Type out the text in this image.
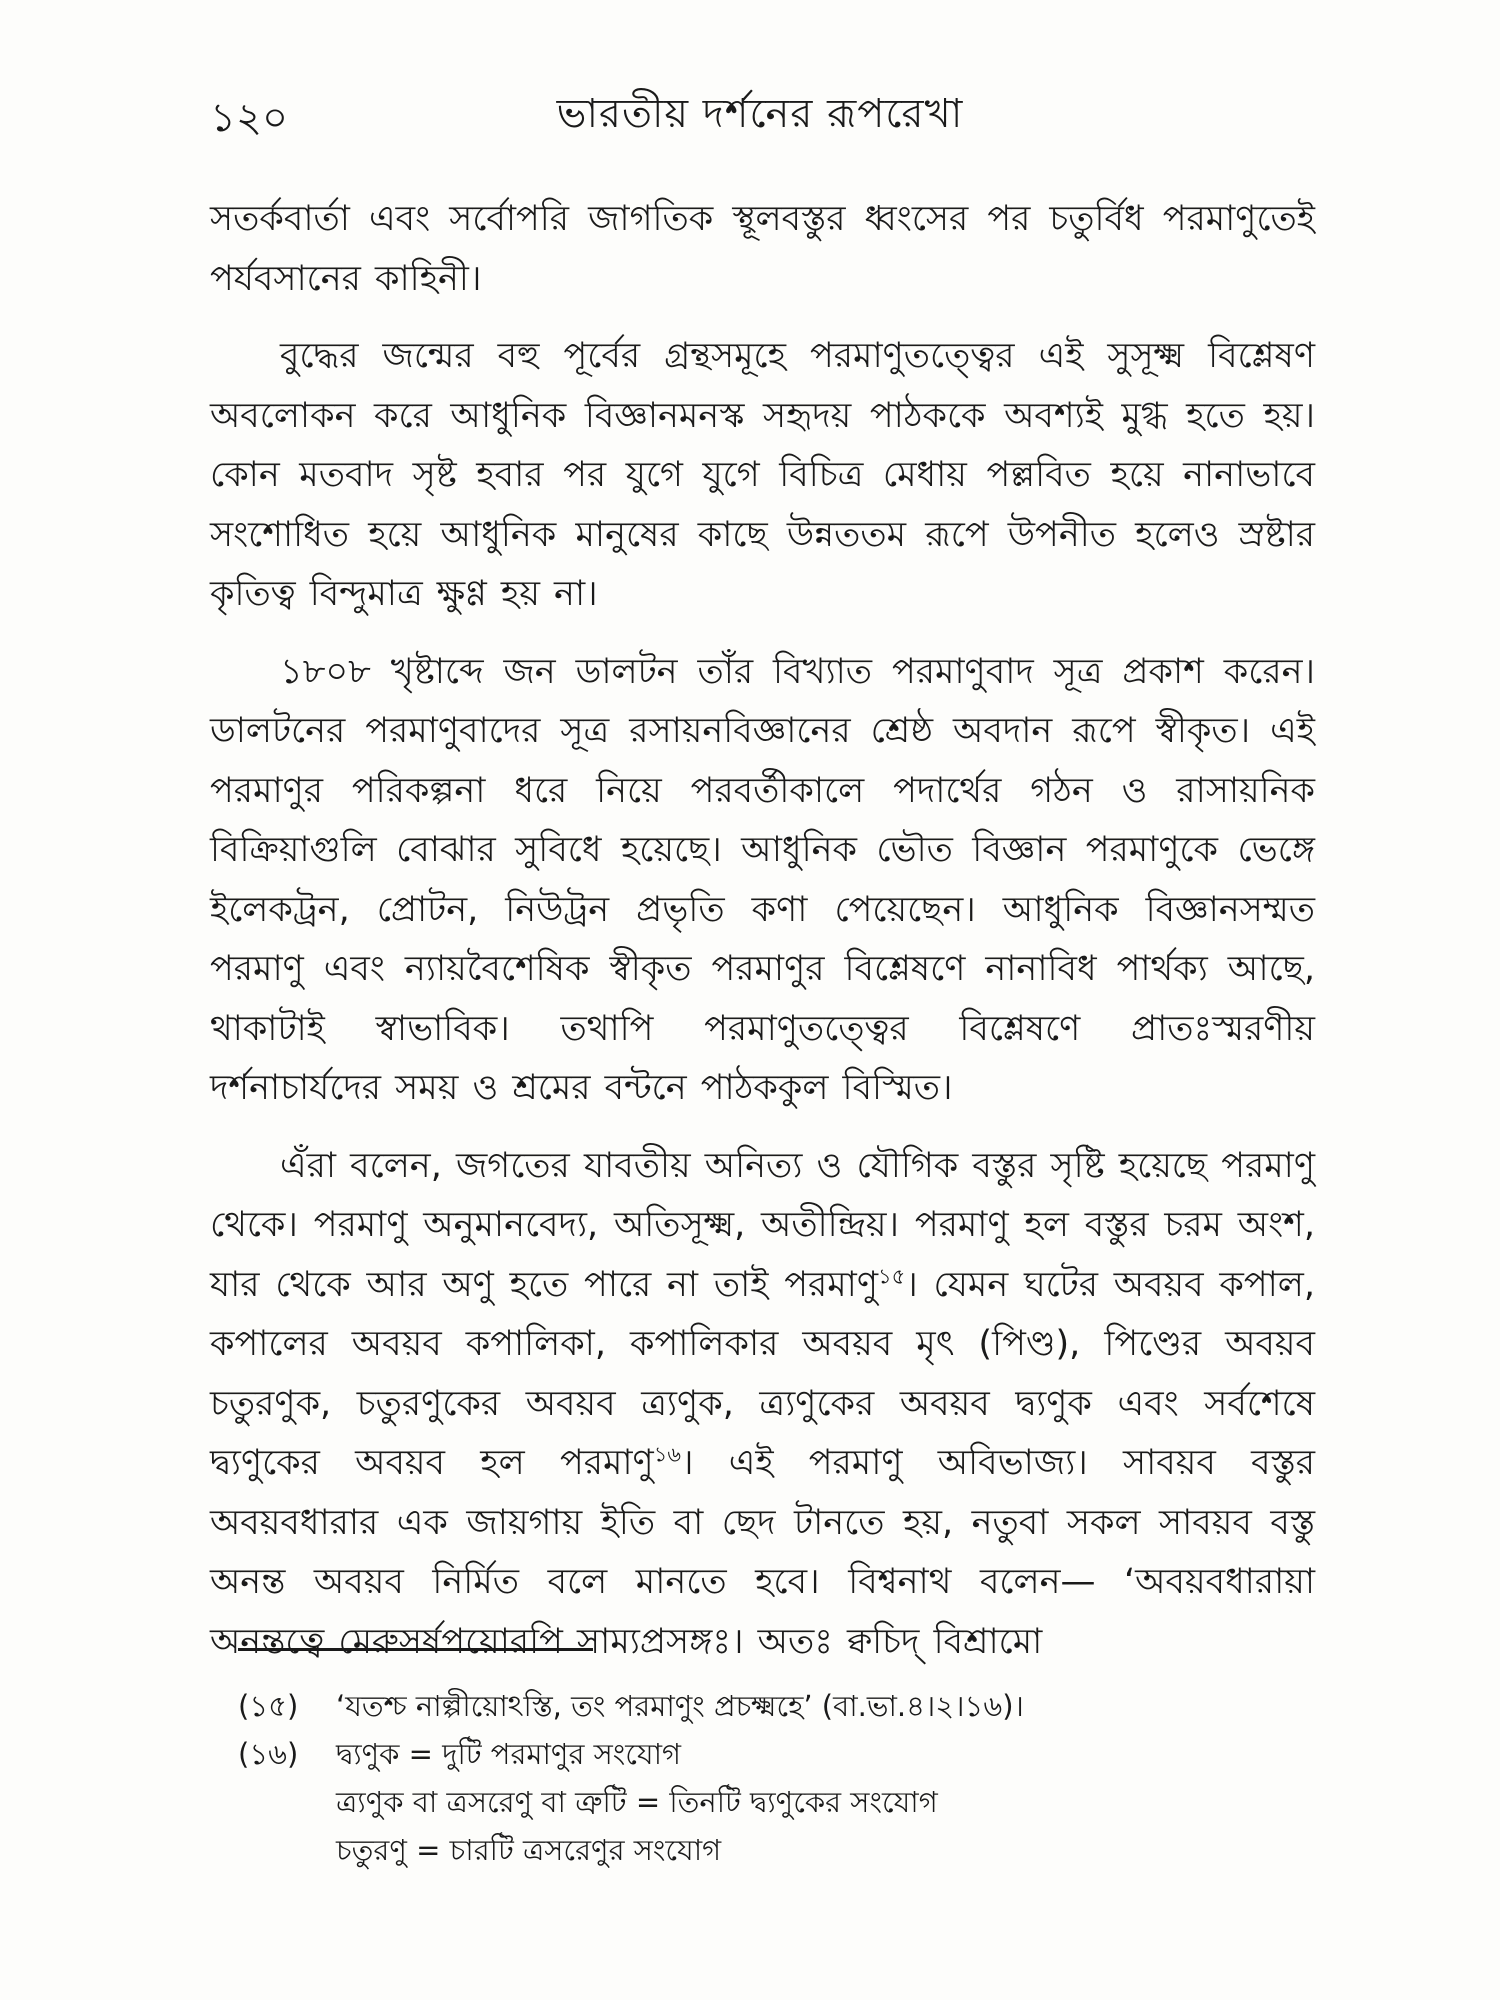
১২০	ভারতীয় দর্শনের রূপরেখা

সতর্কবার্তা এবং সর্বোপরি জাগতিক স্থূলবস্তুর ধ্বংসের পর চতুর্বিধ পরমাণুতেই পর্যবসানের কাহিনী।

বুদ্ধের জন্মের বহু পূর্বের গ্রন্থসমূহে পরমাণুতত্ত্বের এই সুসূক্ষ্ম বিশ্লেষণ অবলোকন করে আধুনিক বিজ্ঞানমনস্ক সহৃদয় পাঠককে অবশ্যই মুগ্ধ হতে হয়। কোন মতবাদ সৃষ্ট হবার পর যুগে যুগে বিচিত্র মেধায় পল্লবিত হয়ে নানাভাবে সংশোধিত হয়ে আধুনিক মানুষের কাছে উন্নততম রূপে উপনীত হলেও স্রষ্টার কৃতিত্ব বিন্দুমাত্র ক্ষুণ্ণ হয় না।

১৮০৮ খৃষ্টাব্দে জন ডালটন তাঁর বিখ্যাত পরমাণুবাদ সূত্র প্রকাশ করেন। ডালটনের পরমাণুবাদের সূত্র রসায়নবিজ্ঞানের শ্রেষ্ঠ অবদান রূপে স্বীকৃত। এই পরমাণুর পরিকল্পনা ধরে নিয়ে পরবর্তীকালে পদার্থের গঠন ও রাসায়নিক বিক্রিয়াগুলি বোঝার সুবিধে হয়েছে। আধুনিক ভৌত বিজ্ঞান পরমাণুকে ভেঙ্গে ইলেকট্রন, প্রোটন, নিউট্রন প্রভৃতি কণা পেয়েছেন। আধুনিক বিজ্ঞানসম্মত পরমাণু এবং ন্যায়বৈশেষিক স্বীকৃত পরমাণুর বিশ্লেষণে নানাবিধ পার্থক্য আছে, থাকাটাই স্বাভাবিক। তথাপি পরমাণুতত্ত্বের বিশ্লেষণে প্রাতঃস্মরণীয় দর্শনাচার্যদের সময় ও শ্রমের বন্টনে পাঠককুল বিস্মিত।

এঁরা বলেন, জগতের যাবতীয় অনিত্য ও যৌগিক বস্তুর সৃষ্টি হয়েছে পরমাণু থেকে। পরমাণু অনুমানবেদ্য, অতিসূক্ষ্ম, অতীন্দ্রিয়। পরমাণু হল বস্তুর চরম অংশ, যার থেকে আর অণু হতে পারে না তাই পরমাণু$^{১৫}$। যেমন ঘটের অবয়ব কপাল, কপালের অবয়ব কপালিকা, কপালিকার অবয়ব মৃৎ (পিণ্ড), পিণ্ডের অবয়ব চতুরণুক, চতুরণুকের অবয়ব ত্র্যণুক, ত্র্যণুকের অবয়ব দ্ব্যণুক এবং সর্বশেষে দ্ব্যণুকের অবয়ব হল পরমাণু$^{১৬}$। এই পরমাণু অবিভাজ্য। সাবয়ব বস্তুর অবয়বধারার এক জায়গায় ইতি বা ছেদ টানতে হয়, নতুবা সকল সাবয়ব বস্তু অনন্ত অবয়ব নির্মিত বলে মানতে হবে। বিশ্বনাথ বলেন— ‘অবয়বধারায়া অনন্তত্বে মেরুসর্ষপয়োরপি সাম্যপ্রসঙ্গঃ। অতঃ ক্বচিদ্‌ বিশ্রামো

(১৫)	‘যতশ্চ নাল্পীয়োঽস্তি, তং পরমাণুং প্রচক্ষ্মহে’ (বা.ভা.৪।২।১৬)।
(১৬)	দ্ব্যণুক = দুটি পরমাণুর সংযোগ
ত্র্যণুক বা ত্রসরেণু বা ত্রুটি = তিনটি দ্ব্যণুকের সংযোগ
চতুরণু = চারটি ত্রসরেণুর সংযোগ
